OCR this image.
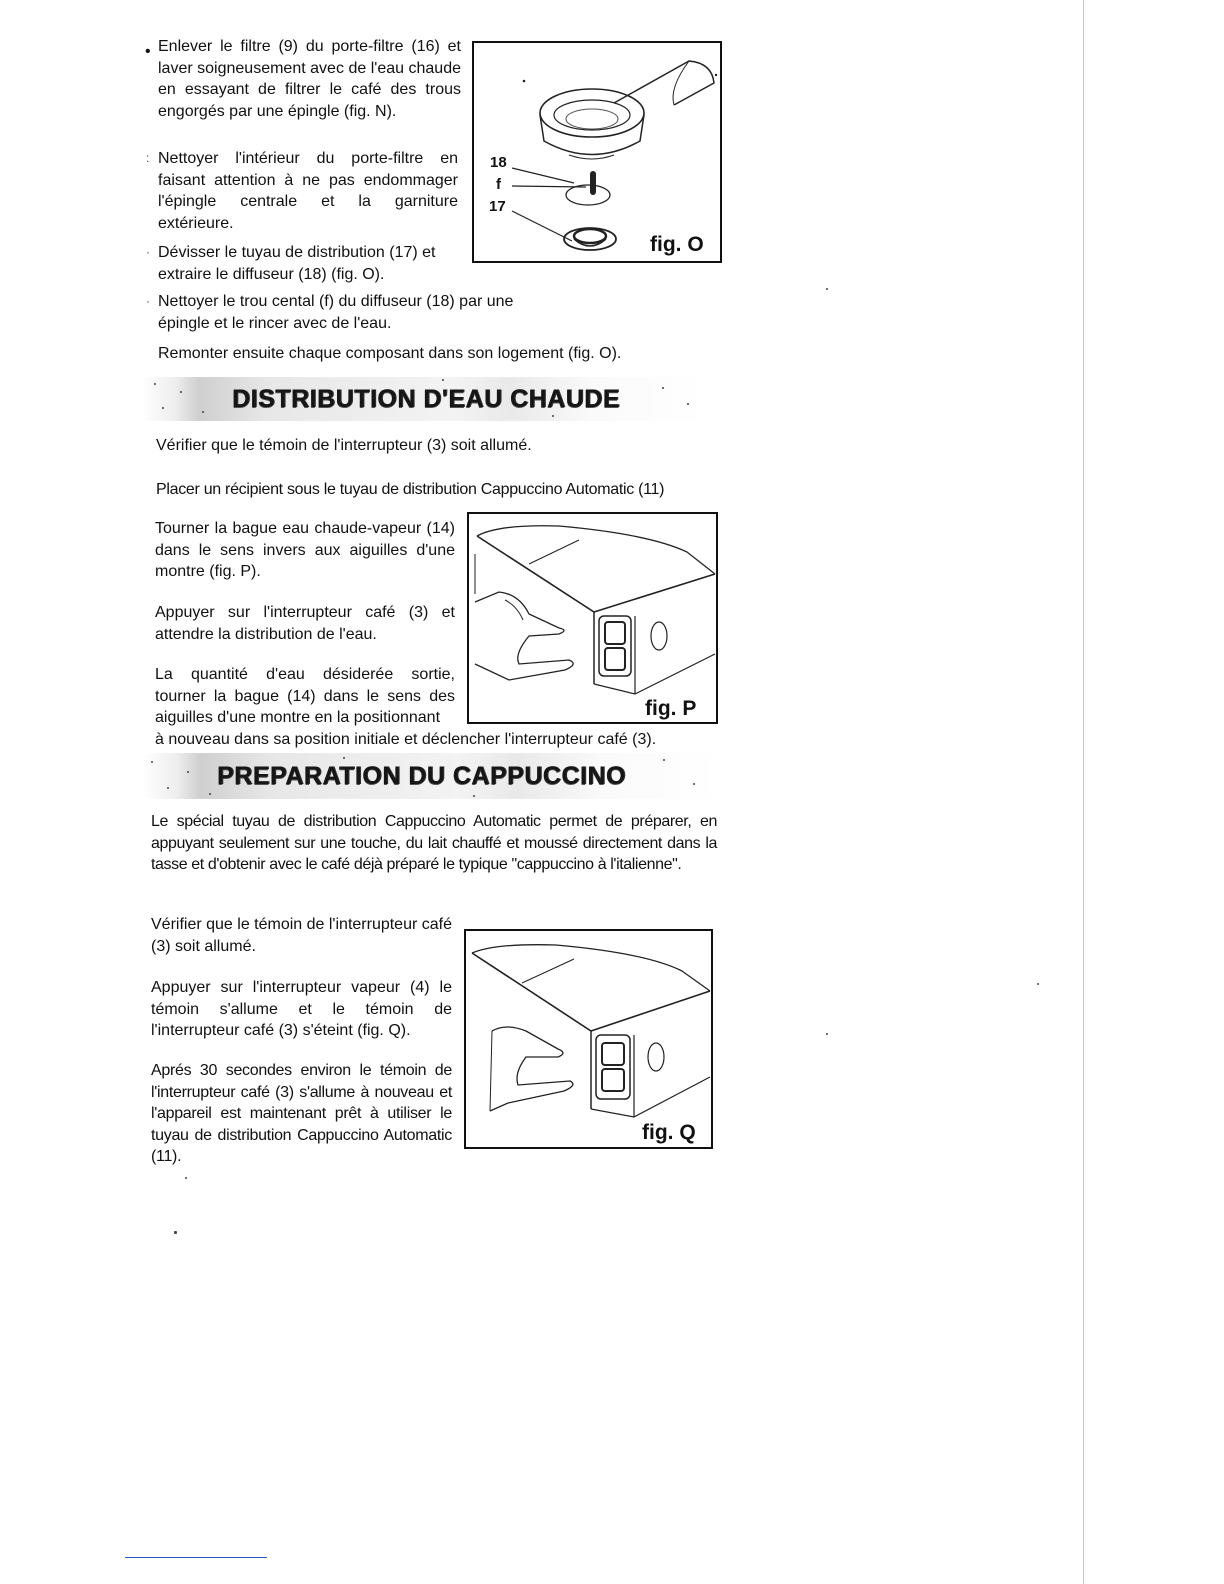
• Enlever le filtre (9) du porte-filtre (16) et laver soigneusement avec de l'eau chaude en essayant de filtrer le café des trous engorgés par une épingle (fig. N).

: Nettoyer l'intérieur du porte-filtre en faisant attention à ne pas endommager l'épingle centrale et la garniture extérieure.

· Dévisser le tuyau de distribution (17) et extraire le diffuseur (18) (fig. O).

· Nettoyer le trou cental (f) du diffuseur (18) par une épingle et le rincer avec de l'eau.

Remonter ensuite chaque composant dans son logement (fig. O).

18
f
17
fig. O
DISTRIBUTION D'EAU CHAUDE

Vérifier que le témoin de l'interrupteur (3) soit allumé.

Placer un récipient sous le tuyau de distribution Cappuccino Automatic (11)

Tourner la bague eau chaude-vapeur (14) dans le sens invers aux aiguilles d'une montre (fig. P).

Appuyer sur l'interrupteur café (3) et attendre la distribution de l'eau.

La quantité d'eau désiderée sortie, tourner la bague (14) dans le sens des aiguilles d'une montre en la positionnant

à nouveau dans sa position initiale et déclencher l'interrupteur café (3).

fig. P
PREPARATION DU CAPPUCCINO

Le spécial tuyau de distribution Cappuccino Automatic permet de préparer, en appuyant seulement sur une touche, du lait chauffé et moussé directement dans la tasse et d'obtenir avec le café déjà préparé le typique "cappuccino à l'italienne".

Vérifier que le témoin de l'interrupteur café (3) soit allumé.

Appuyer sur l'interrupteur vapeur (4) le témoin s'allume et le témoin de l'interrupteur café (3) s'éteint (fig. Q).

Aprés 30 secondes environ le témoin de l'interrupteur café (3) s'allume à nouveau et l'appareil est maintenant prêt à utiliser le tuyau de distribution Cappuccino Automatic (11).

fig. Q
